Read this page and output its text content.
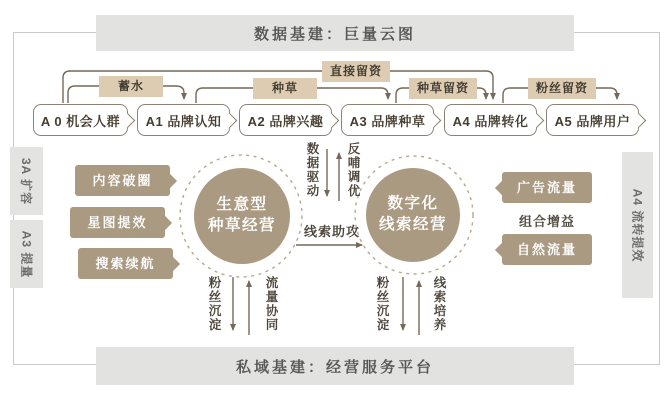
数据基建：巨量云图
私域基建：经营服务平台
3A 扩容
A3 提量	A4 流转提效
A 0 机会人群 A1 品牌认知 A2 品牌兴趣 A3 品牌种草 A4 品牌转化 A5 品牌用户
蓄水	种草
直接留资
种草留资	粉丝留资
内容破圈
星图提效
搜索续航
广告流量
组合增益
自然流量
生意型
种草经营
数字化
线索经营
数据驱动 反哺调优
线索助攻
粉丝沉淀	流量协同	粉丝沉淀	线索培养
